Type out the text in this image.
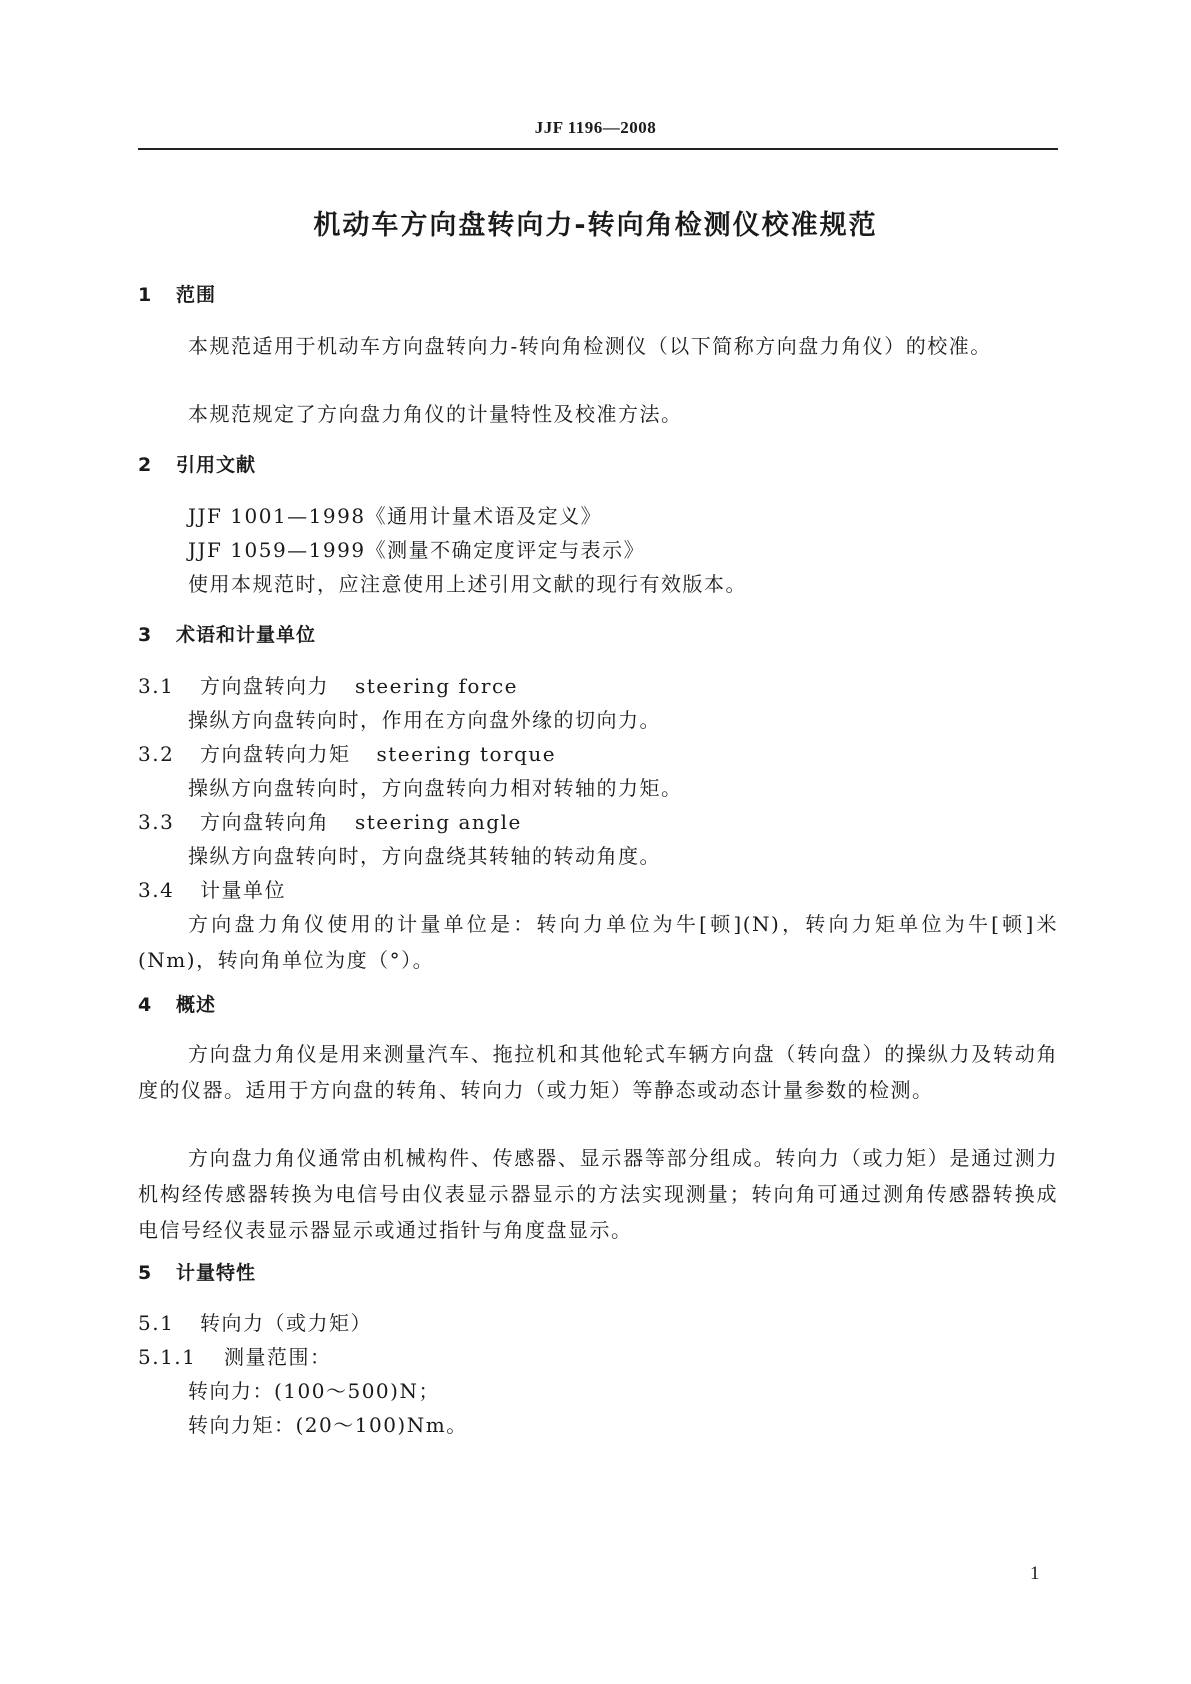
JJF 1196—2008
机动车方向盘转向力-转向角检测仪校准规范
1 范围
本规范适用于机动车方向盘转向力-转向角检测仪（以下简称方向盘力角仪）的校准。
本规范规定了方向盘力角仪的计量特性及校准方法。
2 引用文献
JJF 1001—1998《通用计量术语及定义》
JJF 1059—1999《测量不确定度评定与表示》
使用本规范时，应注意使用上述引用文献的现行有效版本。
3 术语和计量单位
3.1 方向盘转向力 steering force
操纵方向盘转向时，作用在方向盘外缘的切向力。
3.2 方向盘转向力矩 steering torque
操纵方向盘转向时，方向盘转向力相对转轴的力矩。
3.3 方向盘转向角 steering angle
操纵方向盘转向时，方向盘绕其转轴的转动角度。
3.4 计量单位
方向盘力角仪使用的计量单位是：转向力单位为牛[顿](N)，转向力矩单位为牛[顿]米(Nm)，转向角单位为度（°）。
4 概述
方向盘力角仪是用来测量汽车、拖拉机和其他轮式车辆方向盘（转向盘）的操纵力及转动角度的仪器。适用于方向盘的转角、转向力（或力矩）等静态或动态计量参数的检测。
方向盘力角仪通常由机械构件、传感器、显示器等部分组成。转向力（或力矩）是通过测力机构经传感器转换为电信号由仪表显示器显示的方法实现测量；转向角可通过测角传感器转换成电信号经仪表显示器显示或通过指针与角度盘显示。
5 计量特性
5.1 转向力（或力矩）
5.1.1 测量范围：
转向力：(100～500)N；
转向力矩：(20～100)Nm。
1
